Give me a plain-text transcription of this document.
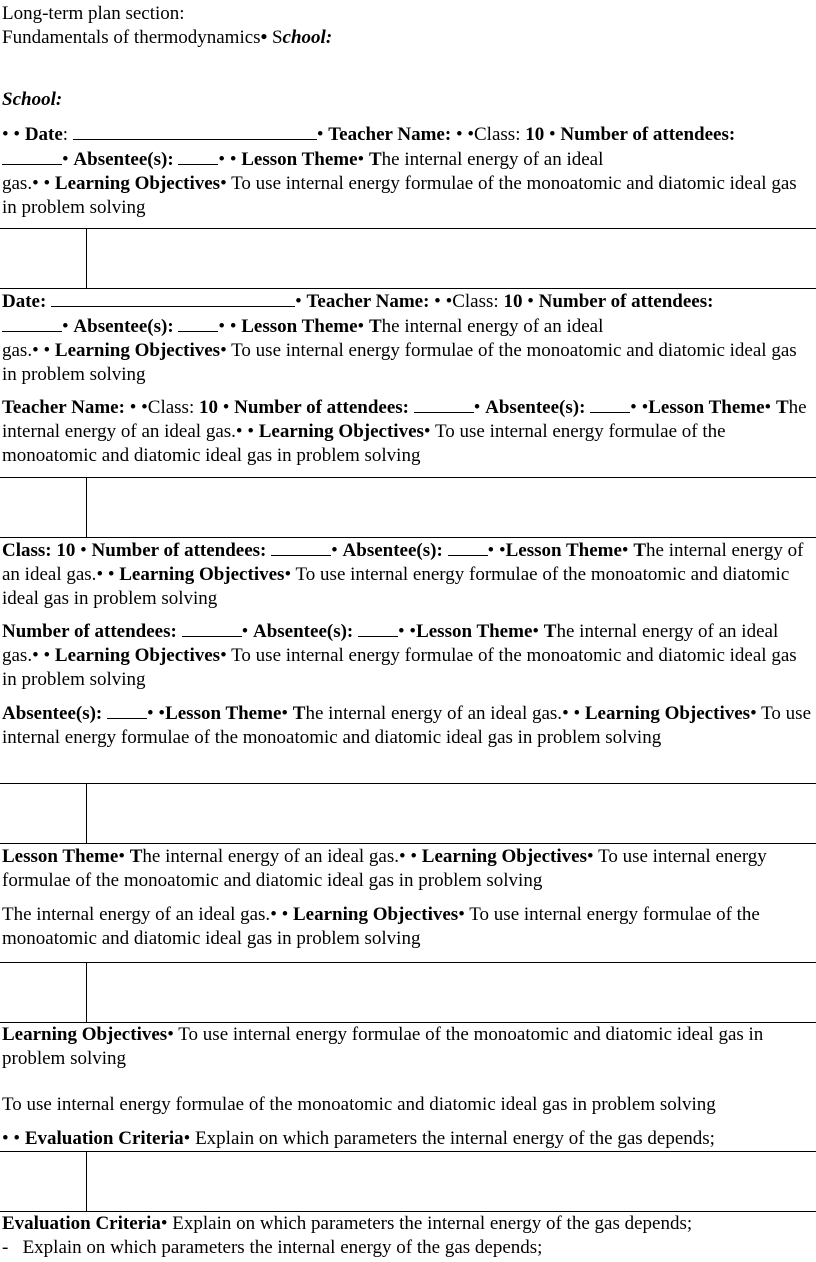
Long-term plan section:
Fundamentals of thermodynamics• School:
School:
• • Date:	• Teacher Name: • •Class: 10 • Number of attendees:
• Absentee(s): • • Lesson Theme• The internal energy of an ideal
gas.• • Learning Objectives• To use internal energy formulae of the monoatomic and diatomic ideal gas in problem solving
Date:	• Teacher Name: • •Class: 10 • Number of attendees:
• Absentee(s): • • Lesson Theme• The internal energy of an ideal
gas.• • Learning Objectives• To use internal energy formulae of the monoatomic and diatomic ideal gas in problem solving
Teacher Name: • •Class: 10 • Number of attendees:	• Absentee(s): • •Lesson Theme• The internal energy of an ideal gas.• • Learning Objectives• To use internal energy formulae of the monoatomic and diatomic ideal gas in problem solving
Class: 10 • Number of attendees:	• Absentee(s): • •Lesson Theme• The internal energy of an ideal gas.• • Learning Objectives• To use internal energy formulae of the monoatomic and diatomic ideal gas in problem solving
Number of attendees:	• Absentee(s): • •Lesson Theme• The internal energy of an ideal gas.• • Learning Objectives• To use internal energy formulae of the monoatomic and diatomic ideal gas in problem solving
Absentee(s): • •Lesson Theme• The internal energy of an ideal gas.• • Learning Objectives• To use internal energy formulae of the monoatomic and diatomic ideal gas in problem solving
Lesson Theme• The internal energy of an ideal gas.• • Learning Objectives• To use internal energy formulae of the monoatomic and diatomic ideal gas in problem solving
The internal energy of an ideal gas.• • Learning Objectives• To use internal energy formulae of the monoatomic and diatomic ideal gas in problem solving
Learning Objectives• To use internal energy formulae of the monoatomic and diatomic ideal gas in problem solving
To use internal energy formulae of the monoatomic and diatomic ideal gas in problem solving
• • Evaluation Criteria• Explain on which parameters the internal energy of the gas depends;
Evaluation Criteria• Explain on which parameters the internal energy of the gas depends;
- Explain on which parameters the internal energy of the gas depends;
